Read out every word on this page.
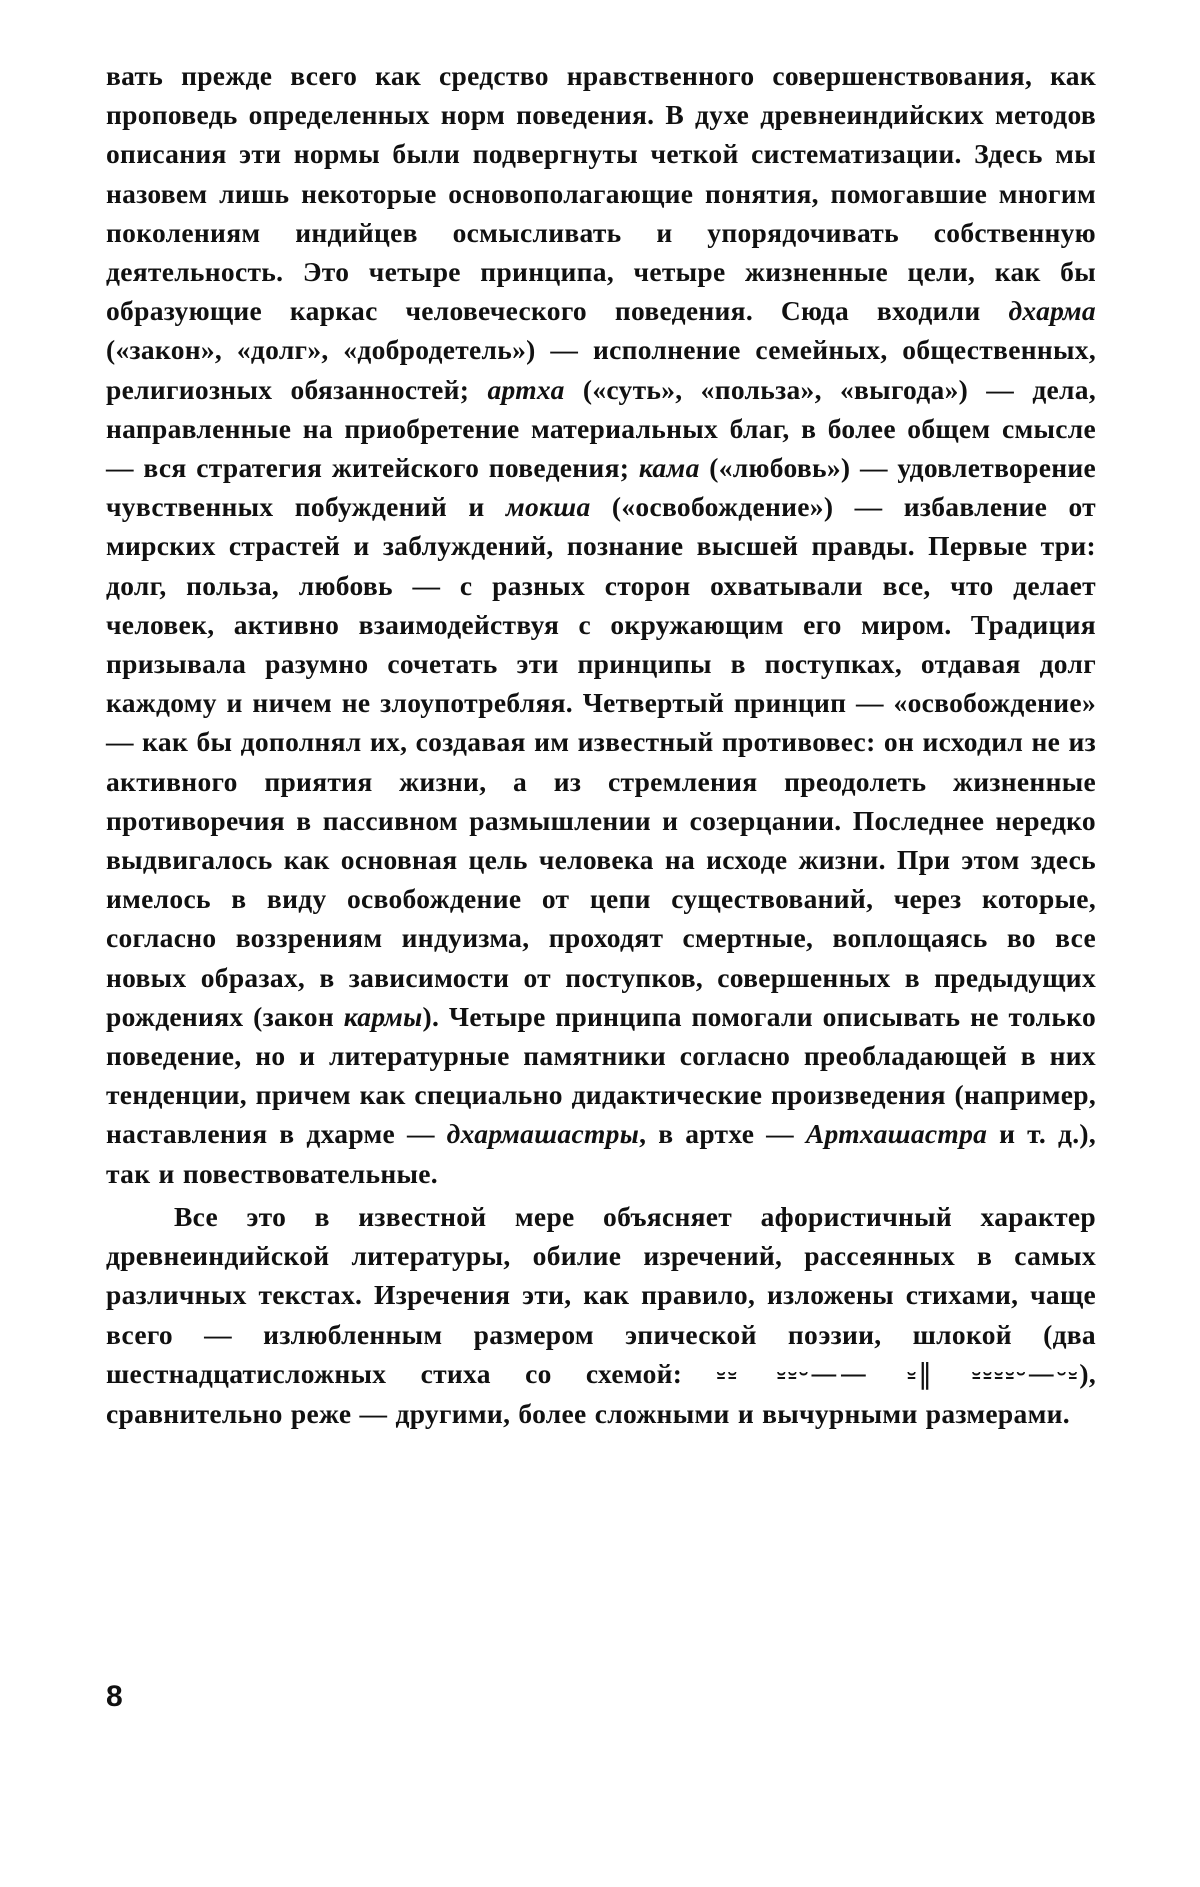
вать прежде всего как средство нравственного совершенствования, как проповедь определенных норм поведения. В духе древнеиндийских методов описания эти нормы были подвергнуты четкой систематизации. Здесь мы назовем лишь некоторые основополагающие понятия, помогавшие многим поколениям индийцев осмысливать и упорядочивать собственную деятельность. Это четыре принципа, четыре жизненные цели, как бы образующие каркас человеческого поведения. Сюда входили дхарма («закон», «долг», «добродетель») — исполнение семейных, общественных, религиозных обязанностей; артха («суть», «польза», «выгода») — дела, направленные на приобретение материальных благ, в более общем смысле — вся стратегия житейского поведения; кама («любовь») — удовлетворение чувственных побуждений и мокша («освобождение») — избавление от мирских страстей и заблуждений, познание высшей правды. Первые три: долг, польза, любовь — с разных сторон охватывали все, что делает человек, активно взаимодействуя с окружающим его миром. Традиция призывала разумно сочетать эти принципы в поступках, отдавая долг каждому и ничем не злоупотребляя. Четвертый принцип — «освобождение» — как бы дополнял их, создавая им известный противовес: он исходил не из активного приятия жизни, а из стремления преодолеть жизненные противоречия в пассивном размышлении и созерцании. Последнее нередко выдвигалось как основная цель человека на исходе жизни. При этом здесь имелось в виду освобождение от цепи существований, через которые, согласно воззрениям индуизма, проходят смертные, воплощаясь во все новых образах, в зависимости от поступков, совершенных в предыдущих рождениях (закон кармы). Четыре принципа помогали описывать не только поведение, но и литературные памятники согласно преобладающей в них тенденции, причем как специально дидактические произведения (например, наставления в дхарме — дхармашастры, в артхе — Артхашастра и т. д.), так и повествовательные.

Все это в известной мере объясняет афористичный характер древнеиндийской литературы, обилие изречений, рассеянных в самых различных текстах. Изречения эти, как правило, изложены стихами, чаще всего — излюбленным размером эпической поэзии, шлокой (два шестнадцатисложных стиха со схемой: ⏓⏓ ⏓⏓⏑—— ⏓‖ ⏓⏓⏓⏓⏑—⏑⏓), сравнительно реже — другими, более сложными и вычурными размерами.

8
